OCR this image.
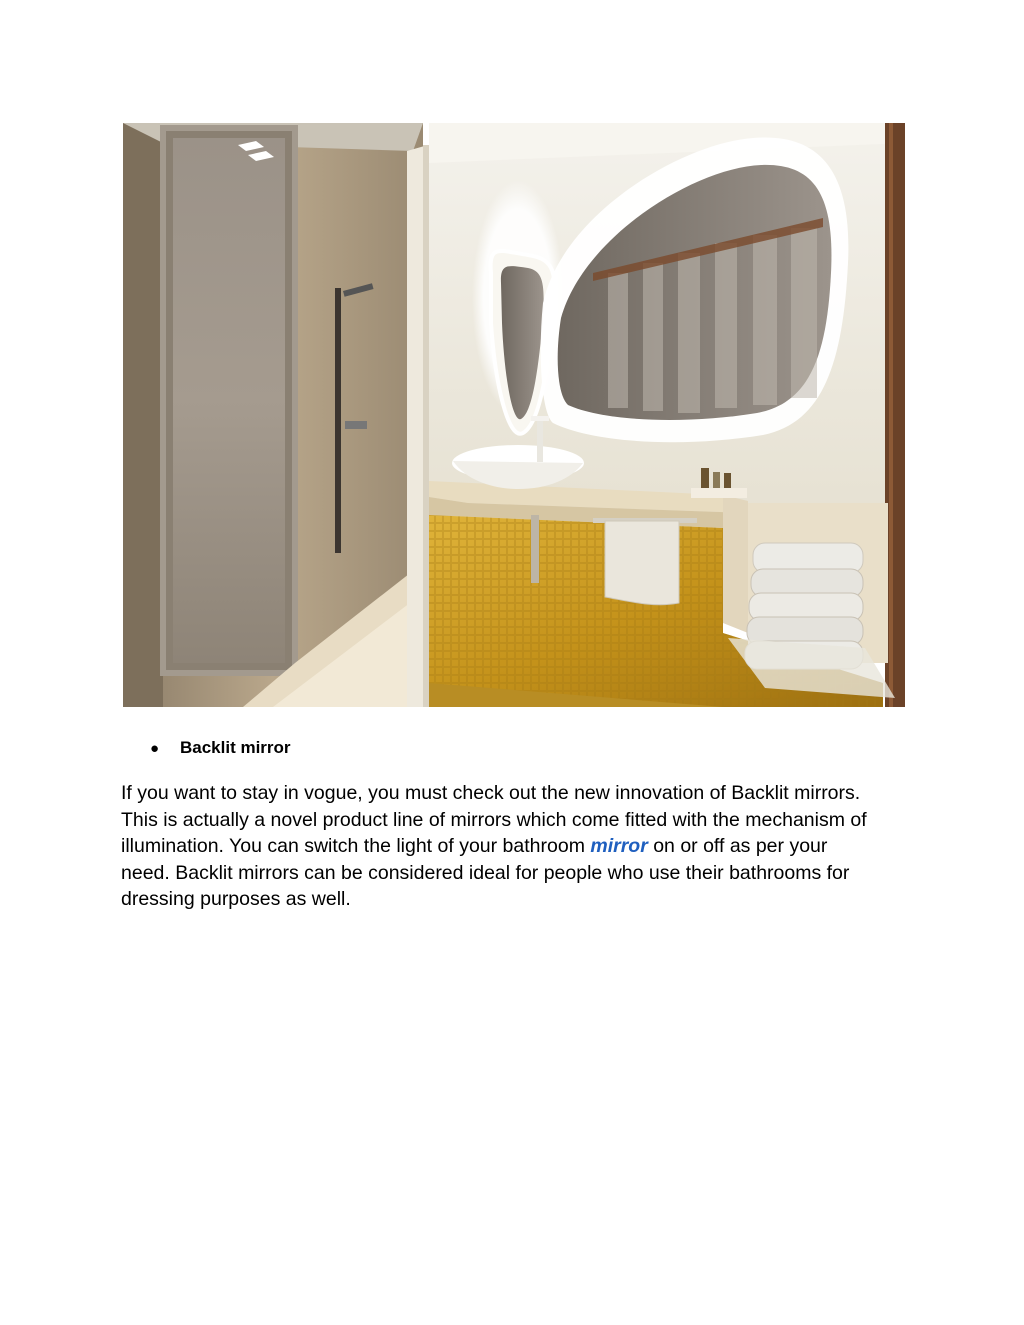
● Backlit mirror

If you want to stay in vogue, you must check out the new innovation of Backlit mirrors.

This is actually a novel product line of mirrors which come fitted with the mechanism of

illumination. You can switch the light of your bathroom mirror on or off as per your

need. Backlit mirrors can be considered ideal for people who use their bathrooms for

dressing purposes as well.
